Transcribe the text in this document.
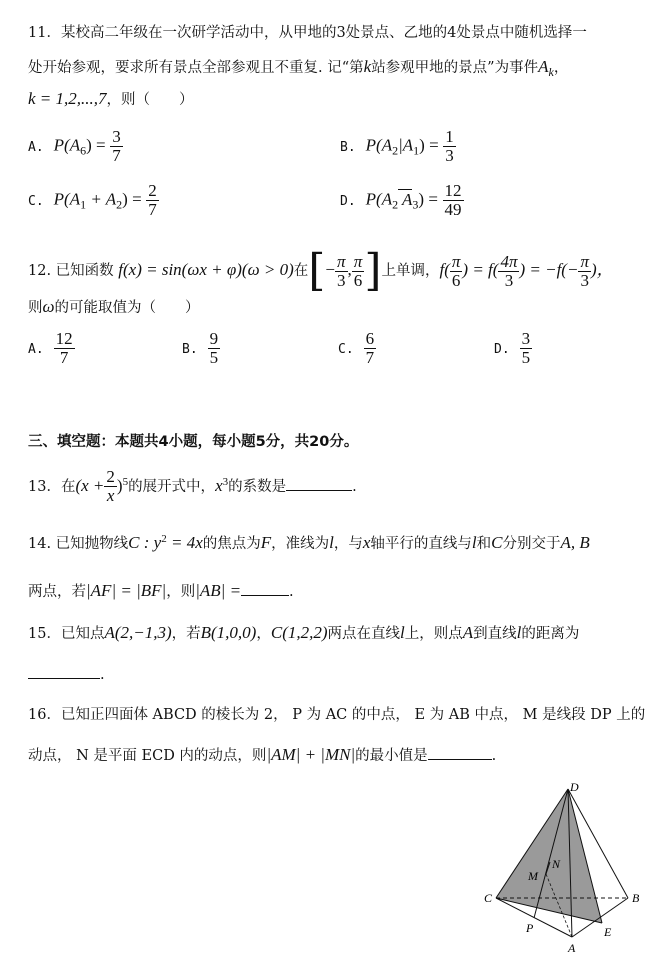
11．某校高二年级在一次研学活动中，从甲地的3处景点、乙地的4处景点中随机选择一
处开始参观，要求所有景点全部参观且不重复. 记“第k站参观甲地的景点”为事件$A_k$，
k = 1,2,...,7，则（　　）
A. $P(A_6) = \frac{3}{7}$	B. $P(A_2|A_1) = \frac{1}{3}$
C. $P(A_1 + A_2) = \frac{2}{7}$	D. $P(A_2$ $A_3) = \frac{12}{49}$
12. 已知函数 f(x) = sin(ωx + φ)(ω > 0)在[− $\frac{\pi}{3}$ , $\frac{\pi}{6}$ ]上单调，$f( \frac{\pi}{6}$ ) = $f( \frac{4\pi}{3}$ ) = $-f(- \frac{\pi}{3}$ )，
则ω的可能取值为（　　）
A. $\frac{12}{7}$	B. $\frac{9}{5}$	C. $\frac{6}{7}$	D. $\frac{3}{5}$
三、填空题：本题共4小题，每小题5分，共20分。
13．在$(x + \frac{2}{x} )^5$的展开式中，$x^3$的系数是	.
14. 已知抛物线C : $y^2 = 4x$的焦点为F，准线为l，与x轴平行的直线与l和C分别交于A, B
两点，若|AF| = |BF|，则|AB| =	.
15．已知点A(2,−1,3)，若B(1,0,0)，C(1,2,2)两点在直线l上，则点A到直线l的距离为
.
16．已知正四面体 ABCD 的棱长为 2， P 为 AC 的中点， E 为 AB 中点， M 是线段 DP 上的
动点， N 是平面 ECD 内的动点，则|AM| + |MN|的最小值是	.
D
C	B
A
P	E
M
N
